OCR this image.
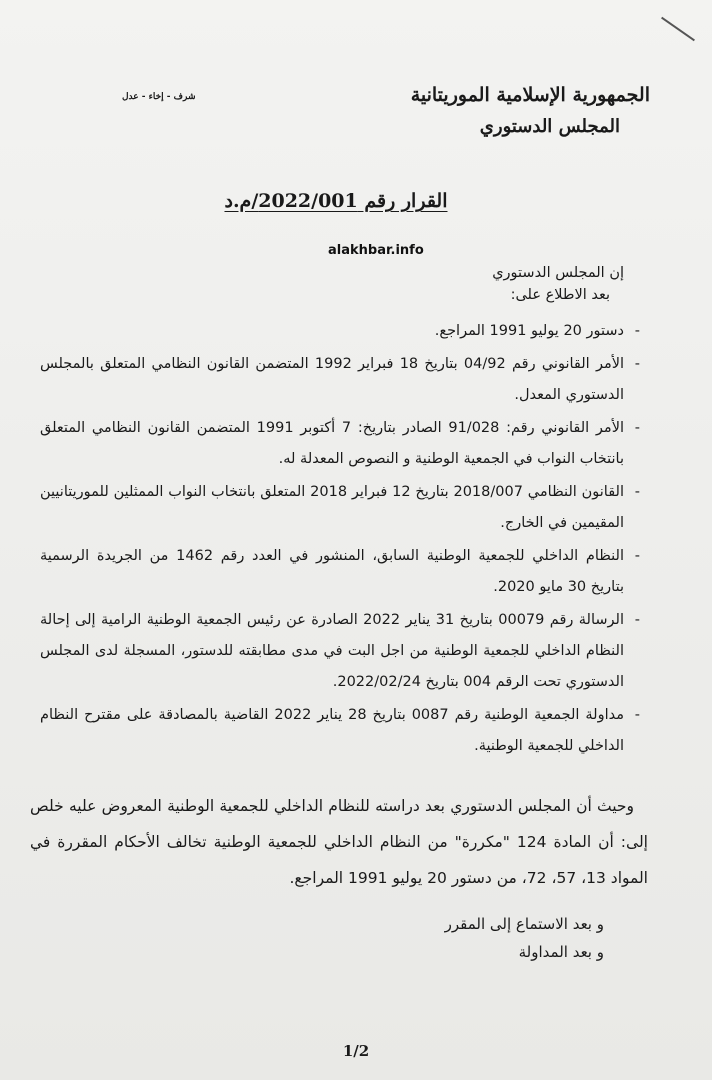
الجمهورية الإسلامية الموريتانية
المجلس الدستوري
شرف - إخاء - عدل
القرار رقم 2022/001/م.د
alakhbar.info
إن المجلس الدستوري
بعد الاطلاع على:
-
دستور 20 يوليو 1991 المراجع.
-
الأمر القانوني رقم 04/92 بتاريخ 18 فبراير 1992 المتضمن القانون النظامي المتعلق بالمجلس الدستوري المعدل.
-
الأمر القانوني رقم: 91/028 الصادر بتاريخ: 7 أكتوبر 1991 المتضمن القانون النظامي المتعلق بانتخاب النواب في الجمعية الوطنية و النصوص المعدلة له.
-
القانون النظامي 2018/007 بتاريخ 12 فبراير 2018 المتعلق بانتخاب النواب الممثلين للموريتانيين المقيمين في الخارج.
-
النظام الداخلي للجمعية الوطنية السابق، المنشور في العدد رقم 1462 من الجريدة الرسمية بتاريخ 30 مايو 2020.
-
الرسالة رقم 00079 بتاريخ 31 يناير 2022 الصادرة عن رئيس الجمعية الوطنية الرامية إلى إحالة النظام الداخلي للجمعية الوطنية من اجل البت في مدى مطابقته للدستور، المسجلة لدى المجلس الدستوري تحت الرقم 004 بتاريخ 2022/02/24.
-
مداولة الجمعية الوطنية رقم 0087 بتاريخ 28 يناير 2022 القاضية بالمصادقة على مقترح النظام الداخلي للجمعية الوطنية.
وحيث أن المجلس الدستوري بعد دراسته للنظام الداخلي للجمعية الوطنية المعروض عليه خلص إلى: أن المادة 124 "مكررة" من النظام الداخلي للجمعية الوطنية تخالف الأحكام المقررة في المواد 13، 57، 72، من دستور 20 يوليو 1991 المراجع.
و بعد الاستماع إلى المقرر
و بعد المداولة
1/2
